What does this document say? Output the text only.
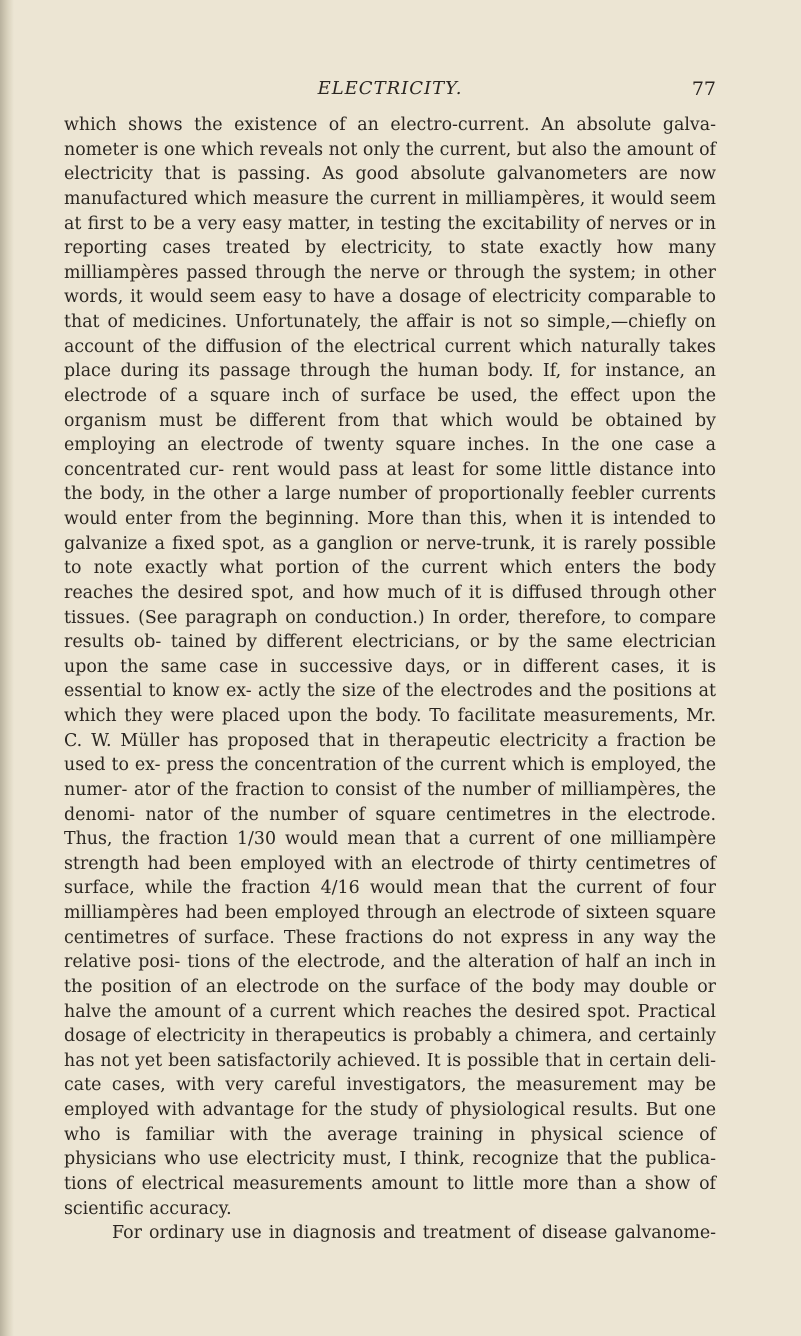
ELECTRICITY.	77

which shows the existence of an electro-current. An absolute galva- nometer is one which reveals not only the current, but also the amount of electricity that is passing. As good absolute galvanometers are now manufactured which measure the current in milliampères, it would seem at first to be a very easy matter, in testing the excitability of nerves or in reporting cases treated by electricity, to state exactly how many milliampères passed through the nerve or through the system; in other words, it would seem easy to have a dosage of electricity comparable to that of medicines. Unfortunately, the affair is not so simple,—chiefly on account of the diffusion of the electrical current which naturally takes place during its passage through the human body. If, for instance, an electrode of a square inch of surface be used, the effect upon the organism must be different from that which would be obtained by employing an electrode of twenty square inches. In the one case a concentrated cur- rent would pass at least for some little distance into the body, in the other a large number of proportionally feebler currents would enter from the beginning. More than this, when it is intended to galvanize a fixed spot, as a ganglion or nerve-trunk, it is rarely possible to note exactly what portion of the current which enters the body reaches the desired spot, and how much of it is diffused through other tissues. (See paragraph on conduction.) In order, therefore, to compare results ob- tained by different electricians, or by the same electrician upon the same case in successive days, or in different cases, it is essential to know ex- actly the size of the electrodes and the positions at which they were placed upon the body. To facilitate measurements, Mr. C. W. Müller has proposed that in therapeutic electricity a fraction be used to ex- press the concentration of the current which is employed, the numer- ator of the fraction to consist of the number of milliampères, the denomi- nator of the number of square centimetres in the electrode. Thus, the fraction 1/30 would mean that a current of one milliampère strength had been employed with an electrode of thirty centimetres of surface, while the fraction 4/16 would mean that the current of four milliampères had been employed through an electrode of sixteen square centimetres of surface. These fractions do not express in any way the relative posi- tions of the electrode, and the alteration of half an inch in the position of an electrode on the surface of the body may double or halve the amount of a current which reaches the desired spot. Practical dosage of electricity in therapeutics is probably a chimera, and certainly has not yet been satisfactorily achieved. It is possible that in certain deli- cate cases, with very careful investigators, the measurement may be employed with advantage for the study of physiological results. But one who is familiar with the average training in physical science of physicians who use electricity must, I think, recognize that the publica- tions of electrical measurements amount to little more than a show of scientific accuracy.

For ordinary use in diagnosis and treatment of disease galvanome-
